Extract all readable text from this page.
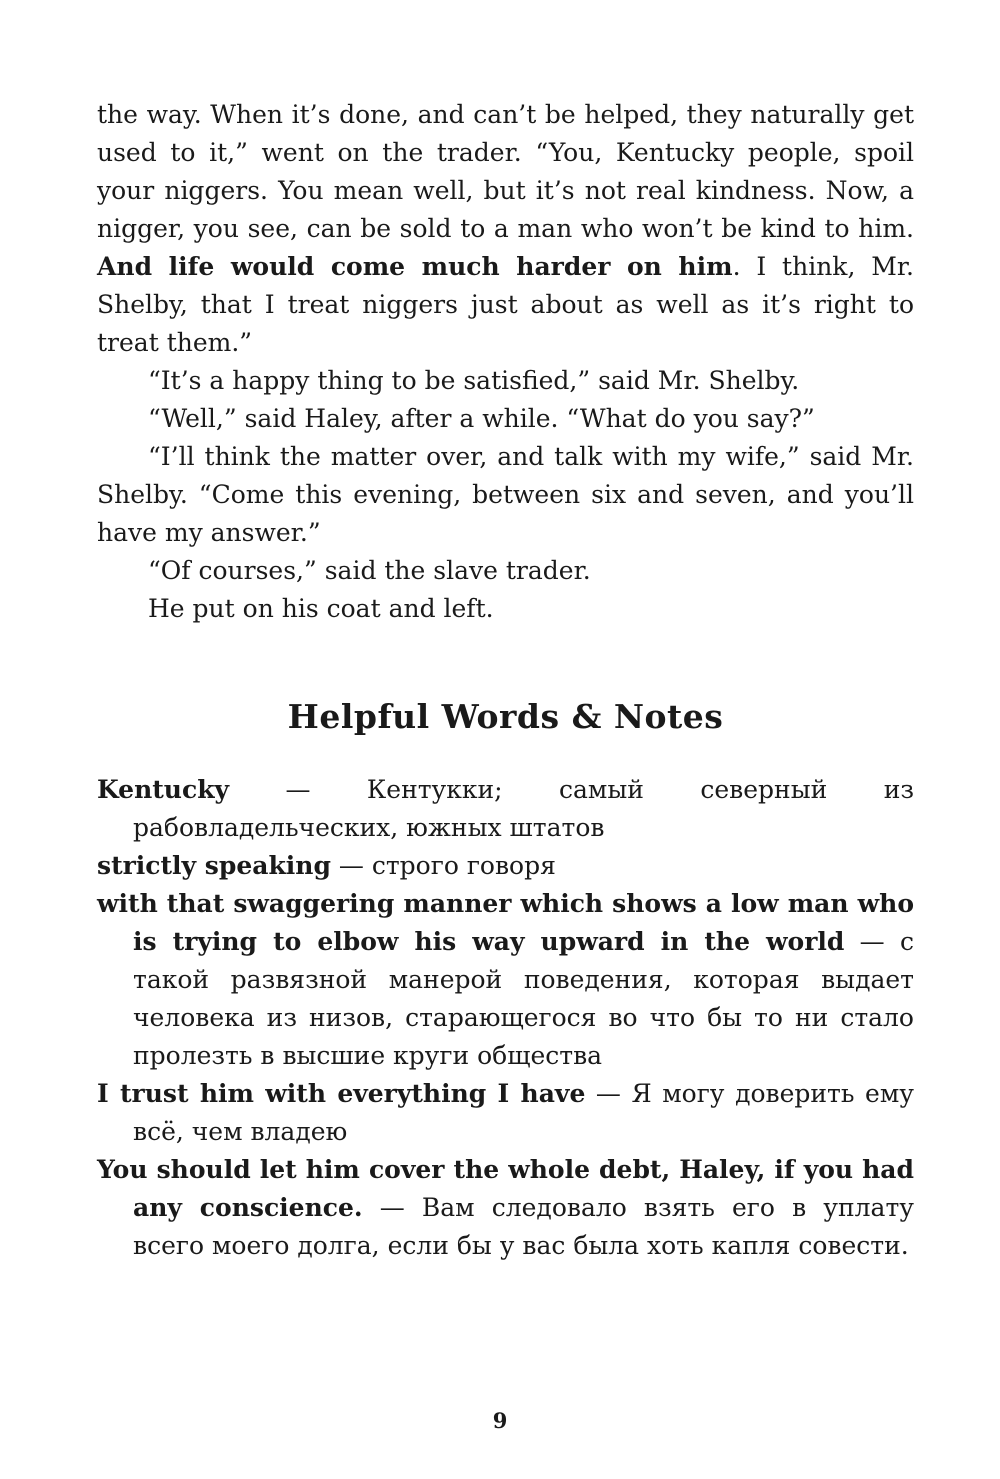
the way. When it’s done, and can’t be helped, they naturally get used to it,” went on the trader. “You, Kentucky people, spoil your niggers. You mean well, but it’s not real kindness. Now, a nigger, you see, can be sold to a man who won’t be kind to him. And life would come much harder on him. I think, Mr. Shelby, that I treat niggers just about as well as it’s right to treat them.”

“It’s a happy thing to be satisfied,” said Mr. Shelby.

“Well,” said Haley, after a while. “What do you say?”

“I’ll think the matter over, and talk with my wife,” said Mr. Shelby. “Come this evening, between six and seven, and you’ll have my answer.”

“Of courses,” said the slave trader.

He put on his coat and left.

Helpful Words & Notes

Kentucky — Кентукки; самый северный из рабовладельческих, южных штатов

strictly speaking — строго говоря

with that swaggering manner which shows a low man who is trying to elbow his way upward in the world — с такой развязной манерой поведения, которая выдает человека из низов, старающегося во что бы то ни стало пролезть в высшие круги общества

I trust him with everything I have — Я могу доверить ему всё, чем владею

You should let him cover the whole debt, Haley, if you had any conscience. — Вам следовало взять его в уплату всего моего долга, если бы у вас была хоть капля совести.

9
